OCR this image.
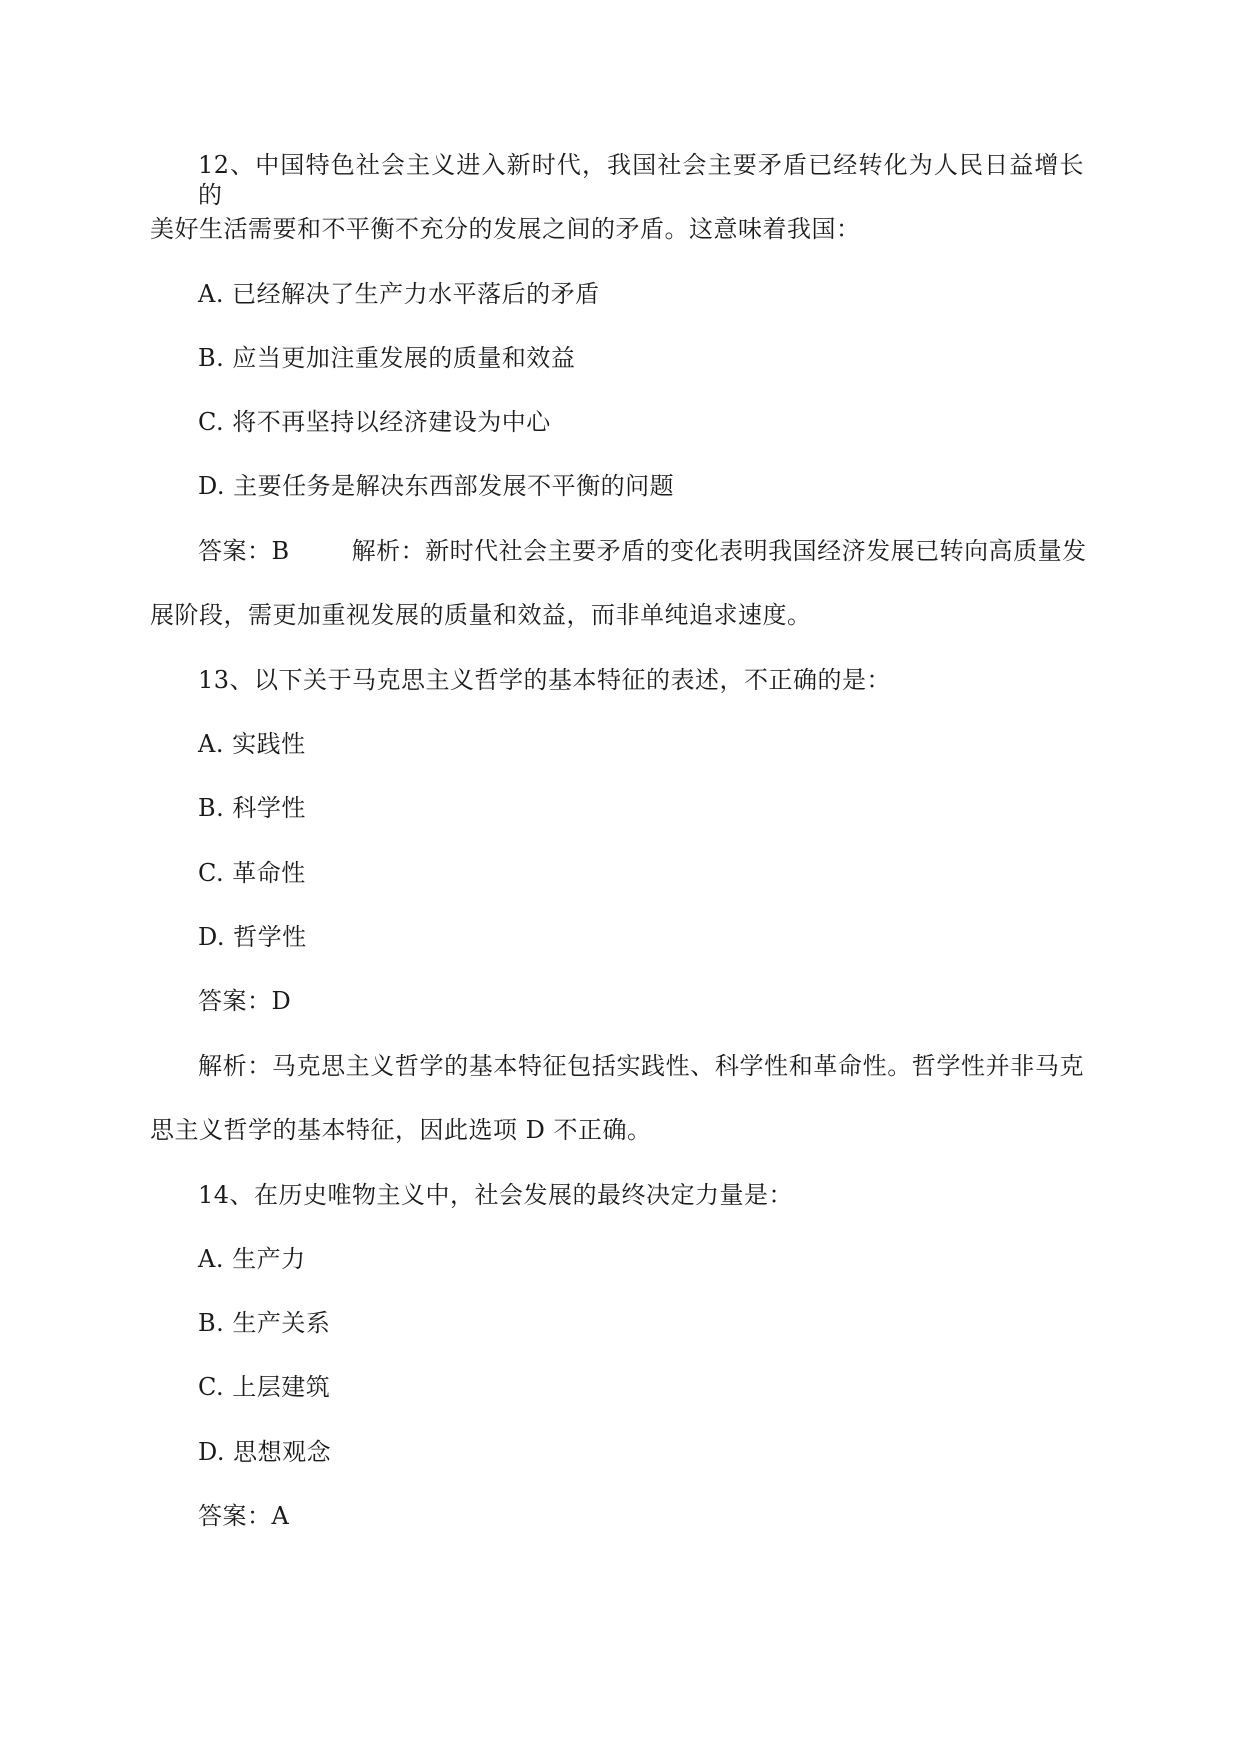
12、中国特色社会主义进入新时代，我国社会主要矛盾已经转化为人民日益增长的
美好生活需要和不平衡不充分的发展之间的矛盾。这意味着我国：
A. 已经解决了生产力水平落后的矛盾
B. 应当更加注重发展的质量和效益
C. 将不再坚持以经济建设为中心
D. 主要任务是解决东西部发展不平衡的问题
答案：B	解析：新时代社会主要矛盾的变化表明我国经济发展已转向高质量发
展阶段，需更加重视发展的质量和效益，而非单纯追求速度。
13、以下关于马克思主义哲学的基本特征的表述，不正确的是：
A. 实践性
B. 科学性
C. 革命性
D. 哲学性
答案：D
解析：马克思主义哲学的基本特征包括实践性、科学性和革命性。哲学性并非马克
思主义哲学的基本特征，因此选项 D 不正确。
14、在历史唯物主义中，社会发展的最终决定力量是：
A. 生产力
B. 生产关系
C. 上层建筑
D. 思想观念
答案：A
